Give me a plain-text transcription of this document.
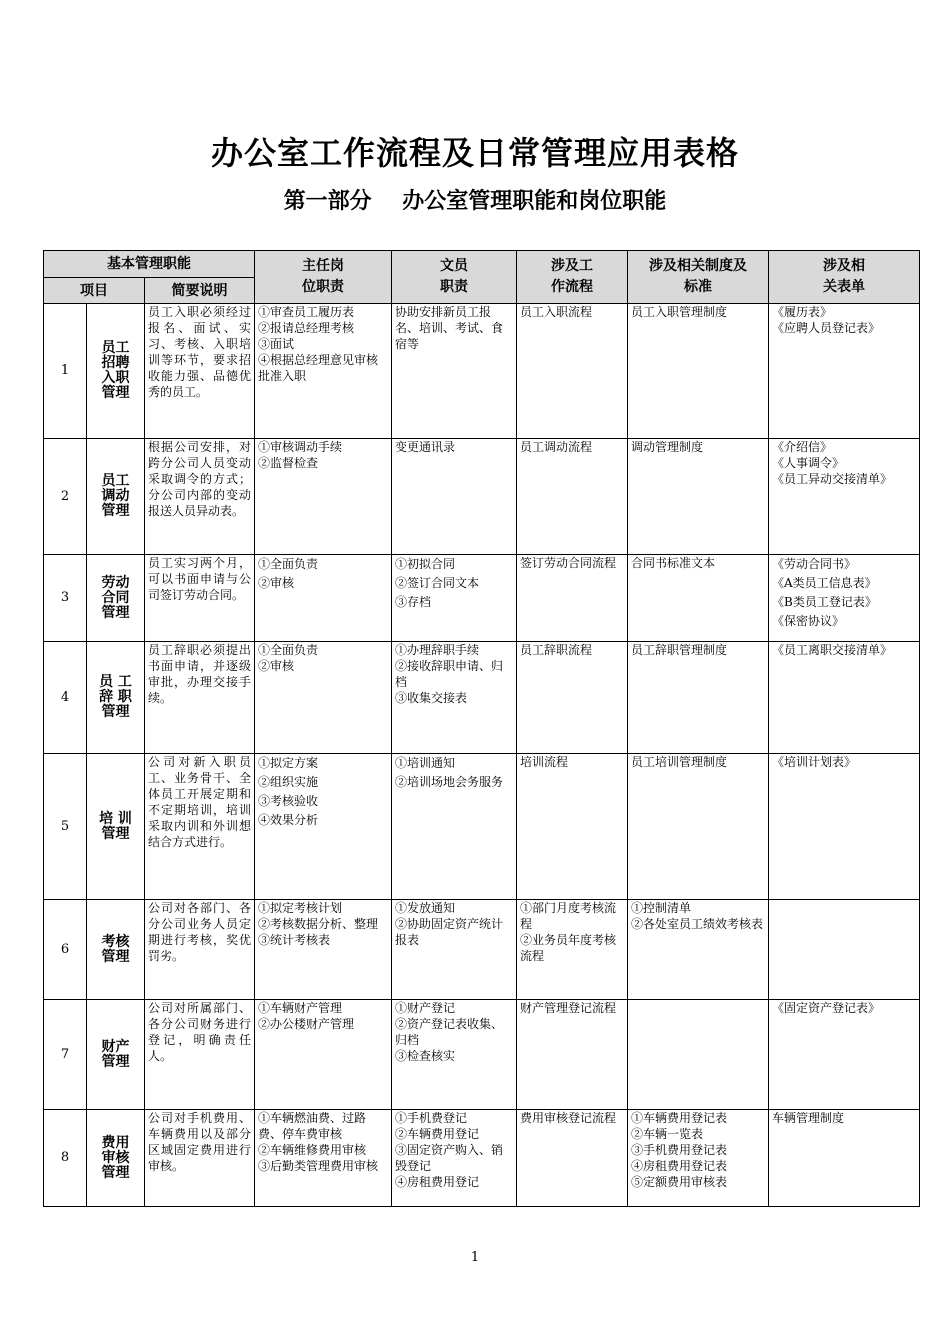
办公室工作流程及日常管理应用表格
第一部分    办公室管理职能和岗位职能
基本管理职能			主任岗
位职责	文员
职责	涉及工
作流程	涉及相关制度及
标准	涉及相
关表单
项目		简要说明					
1	员工招聘入职管理	员工入职必须经过报名、面试、实习、考核、入职培训等环节，要求招收能力强、品德优秀的员工。	①审查员工履历表
②报请总经理考核
③面试
④根据总经理意见审核批准入职	协助安排新员工报名、培训、考试、食宿等	员工入职流程	员工入职管理制度	《履历表》
《应聘人员登记表》
2	员工调动管理	根据公司安排，对跨分公司人员变动采取调令的方式；分公司内部的变动报送人员异动表。	①审核调动手续
②监督检查	变更通讯录	员工调动流程	调动管理制度	《介绍信》
《人事调令》
《员工异动交接清单》
3	劳动合同管理	员工实习两个月，可以书面申请与公司签订劳动合同。	①全面负责
②审核	①初拟合同
②签订合同文本
③存档	签订劳动合同流程	合同书标准文本	《劳动合同书》
《A类员工信息表》
《B类员工登记表》
《保密协议》
4	员 工辞 职管理	员工辞职必须提出书面申请，并逐级审批，办理交接手续。	①全面负责
②审核	①办理辞职手续
②接收辞职申请、归档
③收集交接表	员工辞职流程	员工辞职管理制度	《员工离职交接清单》
5	培 训管理	公司对新入职员工、业务骨干、全体员工开展定期和不定期培训，培训采取内训和外训想结合方式进行。	①拟定方案
②组织实施
③考核验收
④效果分析	①培训通知
②培训场地会务服务	培训流程	员工培训管理制度	《培训计划表》
6	考核管理	公司对各部门、各分公司业务人员定期进行考核，奖优罚劣。	①拟定考核计划
②考核数据分析、整理
③统计考核表	①发放通知
②协助固定资产统计报表	①部门月度考核流程
②业务员年度考核流程	①控制清单
②各处室员工绩效考核表	
7	财产管理	公司对所属部门、各分公司财务进行登记，明确责任人。	①车辆财产管理
②办公楼财产管理	①财产登记
②资产登记表收集、归档
③检查核实	财产管理登记流程		《固定资产登记表》
8	费用审核管理	公司对手机费用、车辆费用以及部分区域固定费用进行审核。	①车辆燃油费、过路费、停车费审核
②车辆维修费用审核
③后勤类管理费用审核	①手机费登记
②车辆费用登记
③固定资产购入、销毁登记
④房租费用登记	费用审核登记流程	①车辆费用登记表
②车辆一览表
③手机费用登记表
④房租费用登记表
⑤定额费用审核表	车辆管理制度
1
